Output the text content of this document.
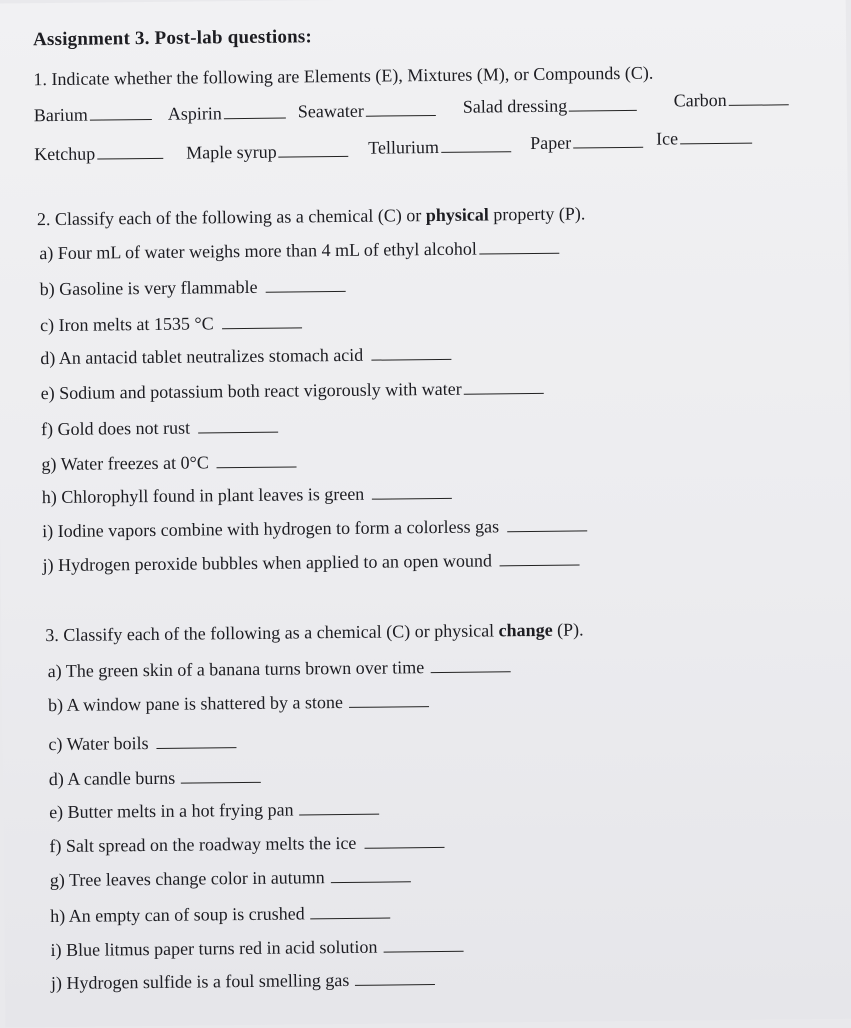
Assignment 3. Post-lab questions:
1. Indicate whether the following are Elements (E), Mixtures (M), or Compounds (C).
Barium	Aspirin	Seawater	Salad dressing	Carbon
Ketchup	Maple syrup	Tellurium	Paper	Ice
2. Classify each of the following as a chemical (C) or physical property (P).
a) Four mL of water weighs more than 4 mL of ethyl alcohol
b) Gasoline is very flammable
c) Iron melts at 1535 °C
d) An antacid tablet neutralizes stomach acid
e) Sodium and potassium both react vigorously with water
f) Gold does not rust
g) Water freezes at 0°C
h) Chlorophyll found in plant leaves is green
i) Iodine vapors combine with hydrogen to form a colorless gas
j) Hydrogen peroxide bubbles when applied to an open wound
3. Classify each of the following as a chemical (C) or physical change (P).
a) The green skin of a banana turns brown over time
b) A window pane is shattered by a stone
c) Water boils
d) A candle burns
e) Butter melts in a hot frying pan
f) Salt spread on the roadway melts the ice
g) Tree leaves change color in autumn
h) An empty can of soup is crushed
i) Blue litmus paper turns red in acid solution
j) Hydrogen sulfide is a foul smelling gas
